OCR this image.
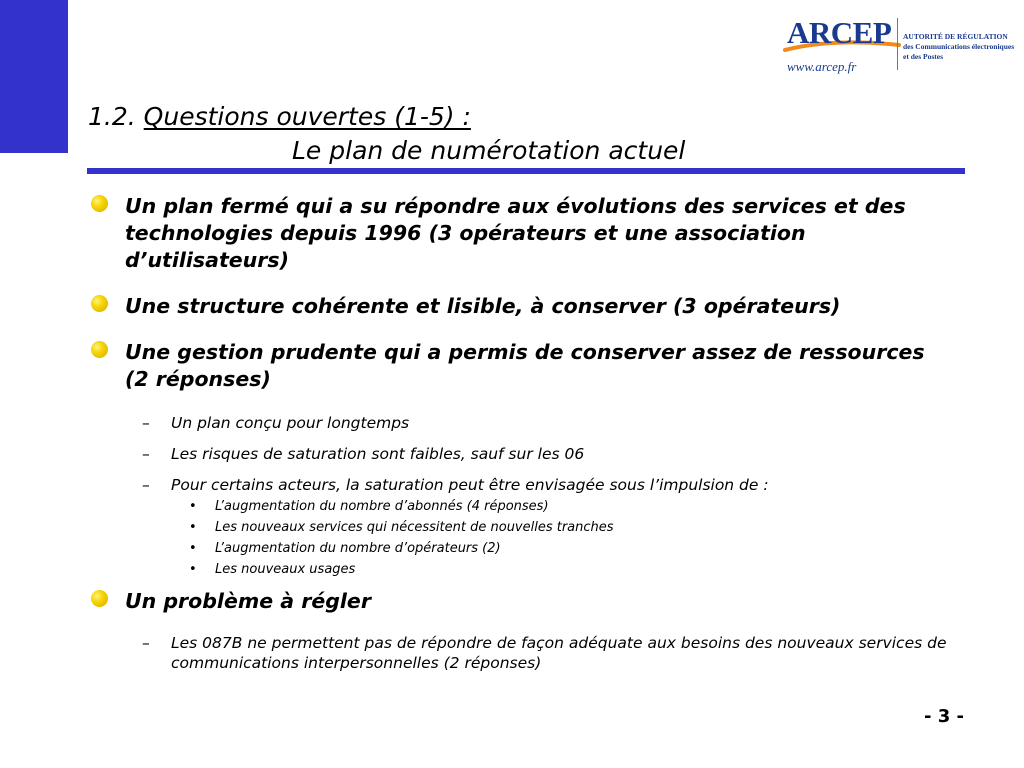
ARCEP
www.arcep.fr
AUTORITÉ DE RÉGULATION
des Communications électroniques
et des Postes
1.2. Questions ouvertes (1-5) :
Le plan de numérotation actuel
Un plan fermé qui a su répondre aux évolutions des services et des technologies depuis 1996 (3 opérateurs et une association d’utilisateurs)
Une structure cohérente et lisible, à conserver (3 opérateurs)
Une gestion prudente qui a permis de conserver assez de ressources (2 réponses)
– Un plan conçu pour longtemps
– Les risques de saturation sont faibles, sauf sur les 06
– Pour certains acteurs, la saturation peut être envisagée sous l’impulsion de :
• L’augmentation du nombre d’abonnés (4 réponses)
• Les nouveaux services qui nécessitent de nouvelles tranches
• L’augmentation du nombre d’opérateurs (2)
• Les nouveaux usages
Un problème à régler
– Les 087B ne permettent pas de répondre de façon adéquate aux besoins des nouveaux services de communications interpersonnelles (2 réponses)
- 3 -
